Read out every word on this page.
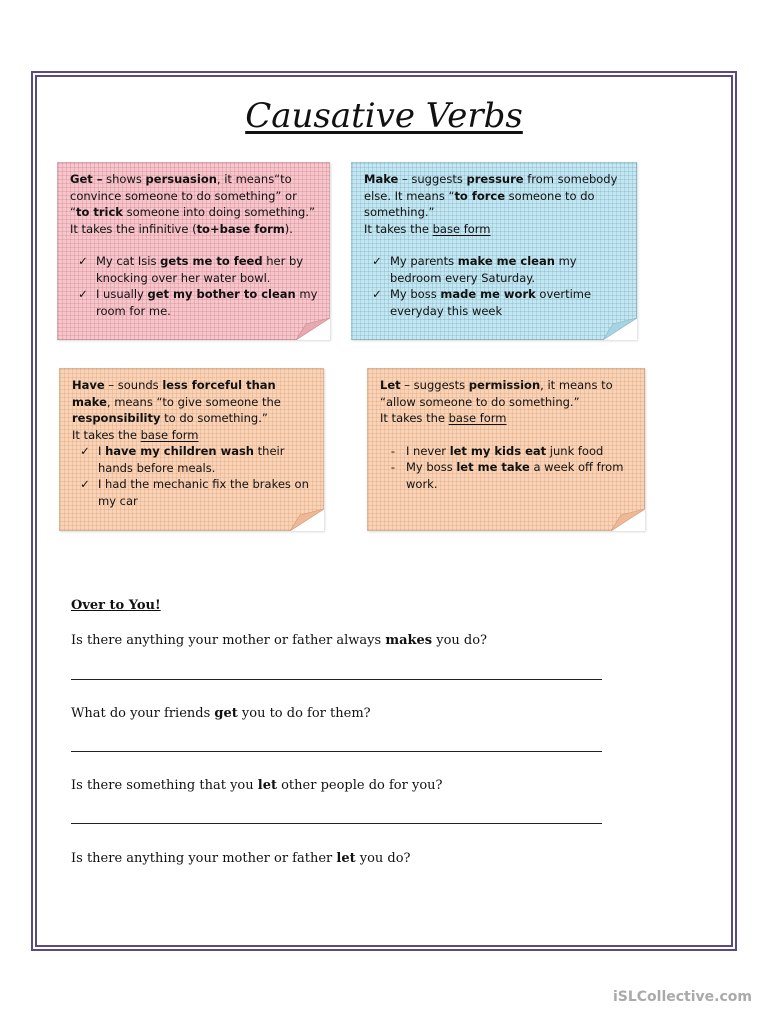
Causative Verbs

Get – shows persuasion, it means“to convince someone to do something” or “to trick someone into doing something.”

It takes the infinitive (to+base form).

✓ My cat Isis gets me to feed her by knocking over her water bowl.
✓ I usually get my bother to clean my room for me.

Make – suggests pressure from somebody else. It means “to force someone to do something.”

It takes the base form

✓ My parents make me clean my bedroom every Saturday.
✓ My boss made me work overtime everyday this week

Have – sounds less forceful than make, means “to give someone the responsibility to do something.”

It takes the base form

✓ I have my children wash their hands before meals.
✓ I had the mechanic fix the brakes on my car

Let – suggests permission, it means to “allow someone to do something.”

It takes the base form

- I never let my kids eat junk food
- My boss let me take a week off from work.
Over to You!
Is there anything your mother or father always makes you do?
What do your friends get you to do for them?
Is there something that you let other people do for you?
Is there anything your mother or father let you do?
iSLCollective.com
